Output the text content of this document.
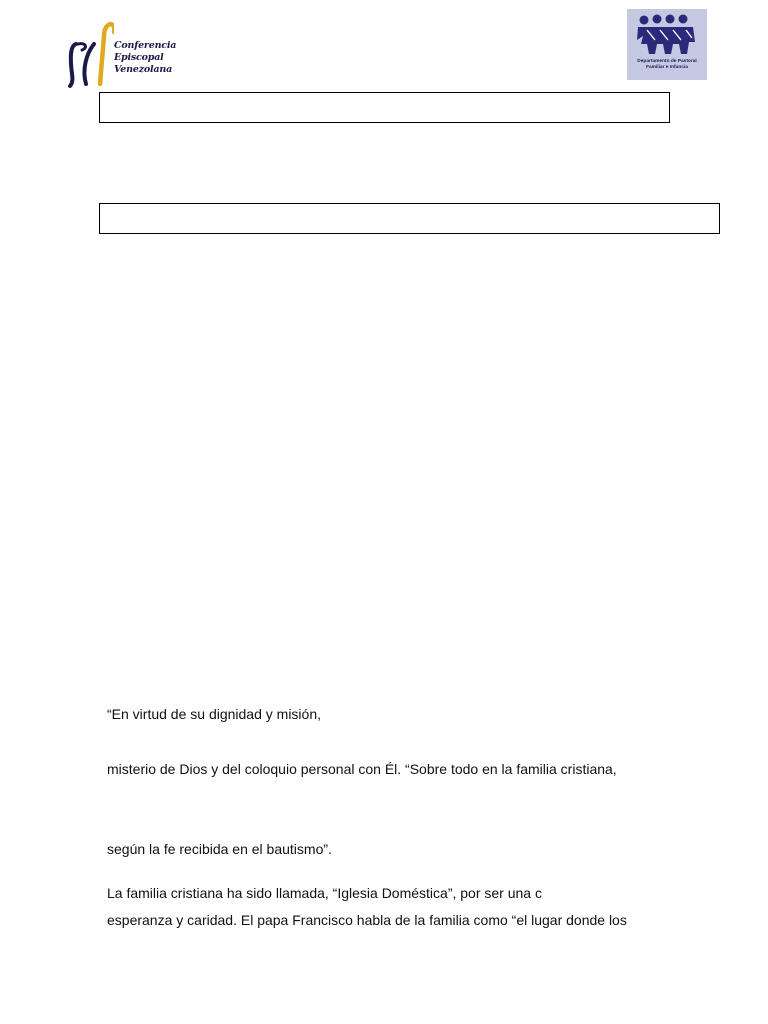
Conferencia
Episcopal
Venezolana
Departamento de Pastoral
Familiar e Infancia
“En virtud de su dignidad y misión,
misterio de Dios y del coloquio personal con Él. “Sobre todo en la familia cristiana,
según la fe recibida en el bautismo”.
La familia cristiana ha sido llamada, “Iglesia Doméstica”, por ser una c
esperanza y caridad. El papa Francisco habla de la familia como “el lugar donde los
